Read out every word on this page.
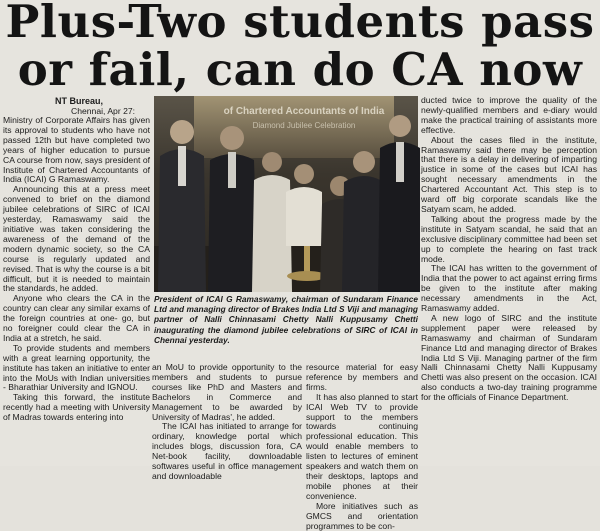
Plus-Two students pass
or fail, can do CA now
NT Bureau,
Chennai, Apr 27:

Ministry of Corporate Affairs has given its approval to students who have not passed 12th but have completed two years of higher education to pursue CA course from now, says president of Institute of Chartered Accountants of India (ICAI) G Ramaswamy.

Announcing this at a press meet convened to brief on the diamond jubilee celebrations of SIRC of ICAI yesterday, Ramaswamy said the initiative was taken considering the awareness of the demand of the modern dynamic society, so the CA course is regularly updated and revised. That is why the course is a bit difficult, but it is needed to maintain the standards, he added.

Anyone who clears the CA in the country can clear any similar exams of the foreign countries at one- go, but no foreigner could clear the CA in India at a stretch, he said.

To provide students and members with a great learning opportunity, the institute has taken an initiative to enter into the MoUs with Indian universities - Bharathiar University and IGNOU.

Taking this forward, the institute recently had a meeting with University of Madras towards entering into

of Chartered Accountants of India
Diamond Jubilee Celebration
President of ICAI G Ramaswamy, chairman of Sundaram Finance Ltd and managing director of Brakes India Ltd S Viji and managing partner of Nalli Chinnasami Chetty Nalli Kuppusamy Chetti inaugurating the diamond jubilee celebrations of SIRC of ICAI in Chennai yesterday.

an MoU to provide opportunity to the members and students to pursue courses like PhD and Masters and Bachelors in Commerce and Management to be awarded by University of Madras', he added.

The ICAI has initiated to arrange for ordinary, knowledge portal which includes blogs, discussion fora, CA Net-book facility, downloadable softwares useful in office management and downloadable

resource material for easy reference by members and firms.

It has also planned to start ICAI Web TV to provide support to the members towards continuing professional education. This would enable members to listen to lectures of eminent speakers and watch them on their desktops, laptops and mobile phones at their convenience.

More initiatives such as GMCS and orientation programmes to be con-

ducted twice to improve the quality of the newly-qualified members and e-diary would make the practical training of assistants more effective.

About the cases filed in the institute, Ramaswamy said there may be perception that there is a delay in delivering of imparting justice in some of the cases but ICAI has sought necessary amendments in the Chartered Accountant Act. This step is to ward off big corporate scandals like the Satyam scam, he added.

Talking about the progress made by the institute in Satyam scandal, he said that an exclusive disciplinary committee had been set up to complete the hearing on fast track mode.

The ICAI has written to the government of India that the power to act against erring firms be given to the institute after making necessary amendments in the Act, Ramaswamy added.

A new logo of SIRC and the institute supplement paper were released by Ramaswamy and chairman of Sundaram Finance Ltd and managing director of Brakes India Ltd S Viji. Managing partner of the firm Nalli Chinnasami Chetty Nalli Kuppusamy Chetti was also present on the occasion. ICAI also conducts a two-day training programme for the officials of Finance Department.
